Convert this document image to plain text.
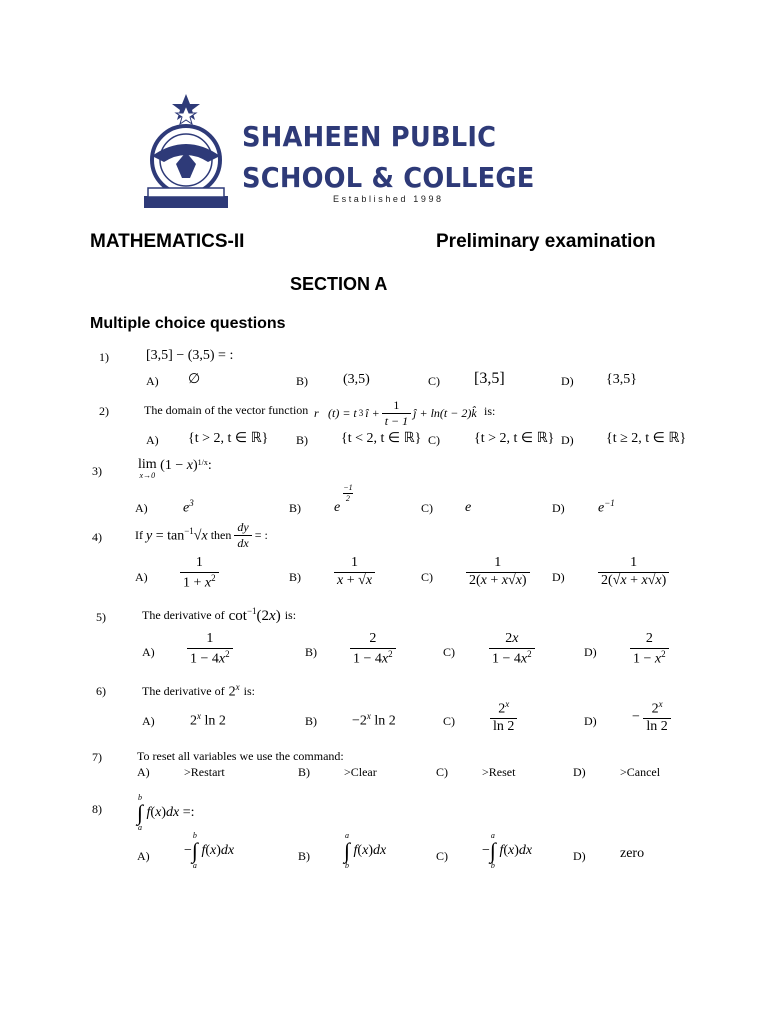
SHAHEEN PUBLIC
SCHOOL & COLLEGE
Established 1998
MATHEMATICS-II	Preliminary examination
SECTION A
Multiple choice questions
1)	[3,5] − (3,5) = :
A) ∅	B)	(3,5)	C) [3,5]	D) {3,5}
2)	The domain of the vector function r⃗(t) = t 3 î + $\frac{1}{t - 1}$ ĵ + ln(t − 2)k̂ is:
A) {t > 2, t ∈ ℝ} B) {t < 2, t ∈ ℝ} C) {t > 2, t ∈ ℝ} D) {t ≥ 2, t ∈ ℝ}
3)	lim
x→0
$(1 - x)^{1/x}$ :
A)	$e^3$	B) e
$\frac{-1}{2}$
C) e	D) $e^{-1}$
4)	If $y = \tan^{-1}√x$ then $\frac{dy}{dx}$ = :
$A) \frac{1}{1 + x^2}$	$B) \frac{1}{x + √x}$	$C) \frac{1}{2(x + x√x)} D) \frac{1}{2(√x + x√x)}$
5)	The derivative of $\cot^{-1}(2x)$ is:
$A) \frac{1}{1 - 4x^2}$	$B) \frac{2}{1 - 4x^2}$	$C) \frac{2x}{1 - 4x^2}$	$D) \frac{2}{1 - x^2}$
6)	The derivative of 2$^x$ is:
A)	2$^x$ ln 2	B)	$-2^x$ ln 2	C)	$\frac{2^x}{\ln 2}$	D)	− $\frac{2^x}{\ln 2}$
7)	To reset all variables we use the command:
A)	>Restart	B)	>Clear	C)	>Reset	D)	>Cancel
8)
b
∫
a
f(x)dx = :
A) −
b
∫
a
f(x)dx	B)
a
∫
b
f(x)dx	C) −
a
∫
b
f(x)dx	D) zero
